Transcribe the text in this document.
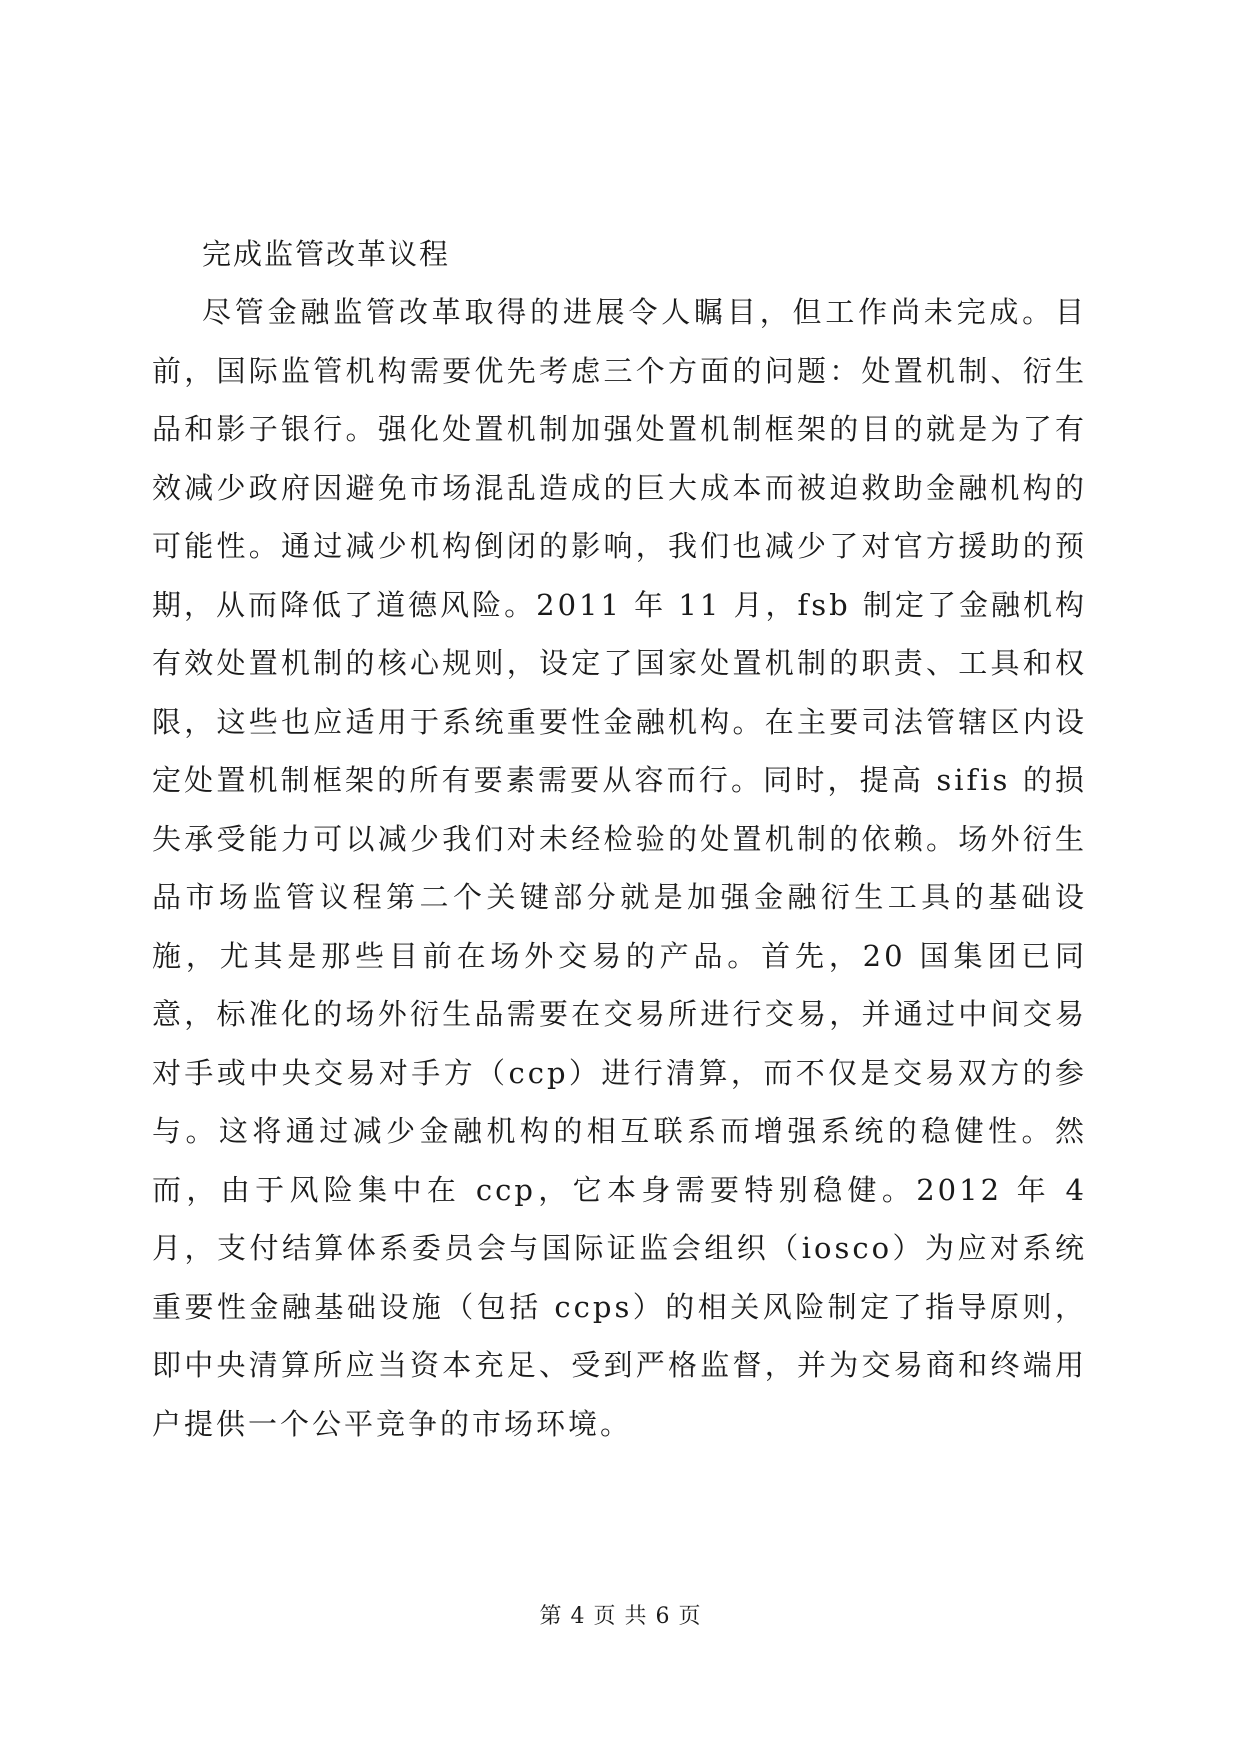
完成监管改革议程

尽管金融监管改革取得的进展令人瞩目，但工作尚未完成。目前，国际监管机构需要优先考虑三个方面的问题：处置机制、衍生品和影子银行。强化处置机制加强处置机制框架的目的就是为了有效减少政府因避免市场混乱造成的巨大成本而被迫救助金融机构的可能性。通过减少机构倒闭的影响，我们也减少了对官方援助的预期，从而降低了道德风险。2011 年 11 月，fsb 制定了金融机构有效处置机制的核心规则，设定了国家处置机制的职责、工具和权限，这些也应适用于系统重要性金融机构。在主要司法管辖区内设定处置机制框架的所有要素需要从容而行。同时，提高 sifis 的损失承受能力可以减少我们对未经检验的处置机制的依赖。场外衍生品市场监管议程第二个关键部分就是加强金融衍生工具的基础设施，尤其是那些目前在场外交易的产品。首先，20 国集团已同意，标准化的场外衍生品需要在交易所进行交易，并通过中间交易对手或中央交易对手方（ccp）进行清算，而不仅是交易双方的参与。这将通过减少金融机构的相互联系而增强系统的稳健性。然而，由于风险集中在 ccp，它本身需要特别稳健。2012 年 4 月，支付结算体系委员会与国际证监会组织（iosco）为应对系统重要性金融基础设施（包括 ccps）的相关风险制定了指导原则，即中央清算所应当资本充足、受到严格监督，并为交易商和终端用户提供一个公平竞争的市场环境。

第 4 页 共 6 页
